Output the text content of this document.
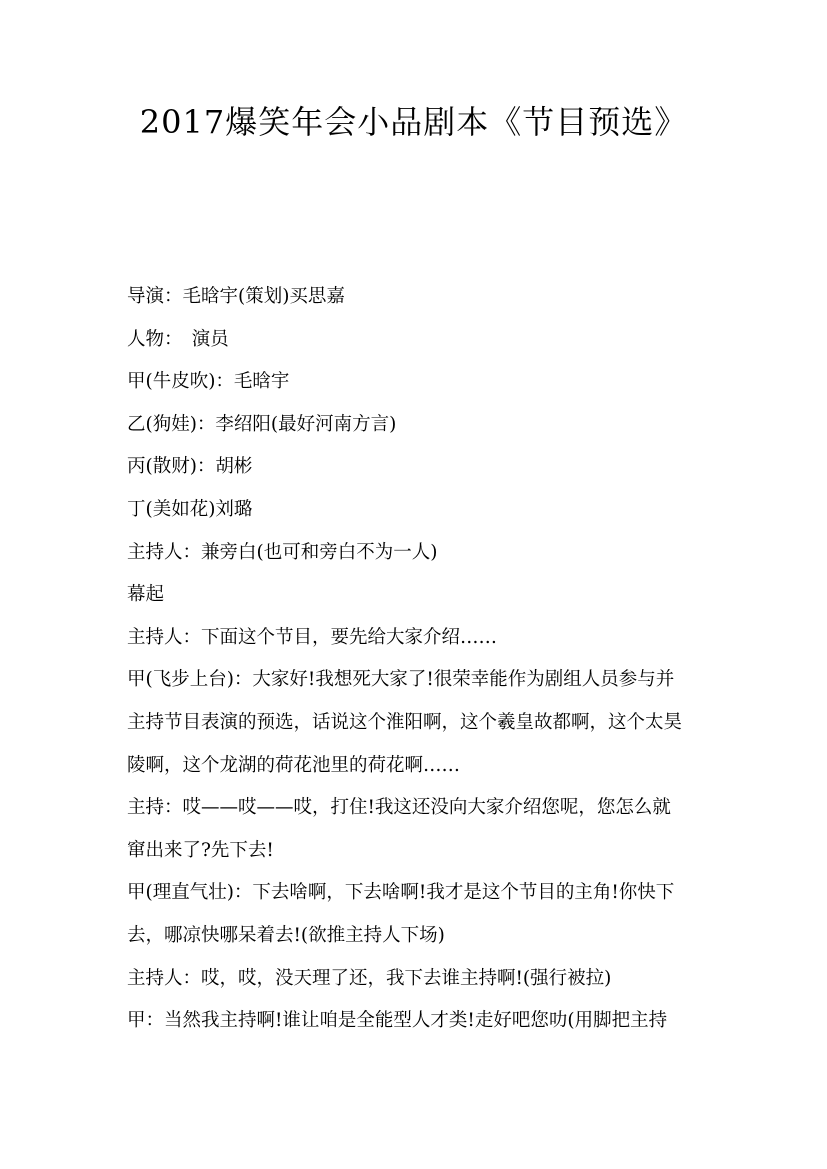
2017爆笑年会小品剧本《节目预选》
导演：毛晗宇(策划)买思嘉
人物：　演员
甲(牛皮吹)：毛晗宇
乙(狗娃)：李绍阳(最好河南方言)
丙(散财)：胡彬
丁(美如花)刘璐
主持人：兼旁白(也可和旁白不为一人)
幕起
主持人：下面这个节目，要先给大家介绍……
甲(飞步上台)：大家好!我想死大家了!很荣幸能作为剧组人员参与并
主持节目表演的预选，话说这个淮阳啊，这个羲皇故都啊，这个太昊
陵啊，这个龙湖的荷花池里的荷花啊……
主持：哎——哎——哎，打住!我这还没向大家介绍您呢，您怎么就
窜出来了?先下去!
甲(理直气壮)：下去啥啊，下去啥啊!我才是这个节目的主角!你快下
去，哪凉快哪呆着去!(欲推主持人下场)
主持人：哎，哎，没天理了还，我下去谁主持啊!(强行被拉)
甲：当然我主持啊!谁让咱是全能型人才类!走好吧您叻(用脚把主持
